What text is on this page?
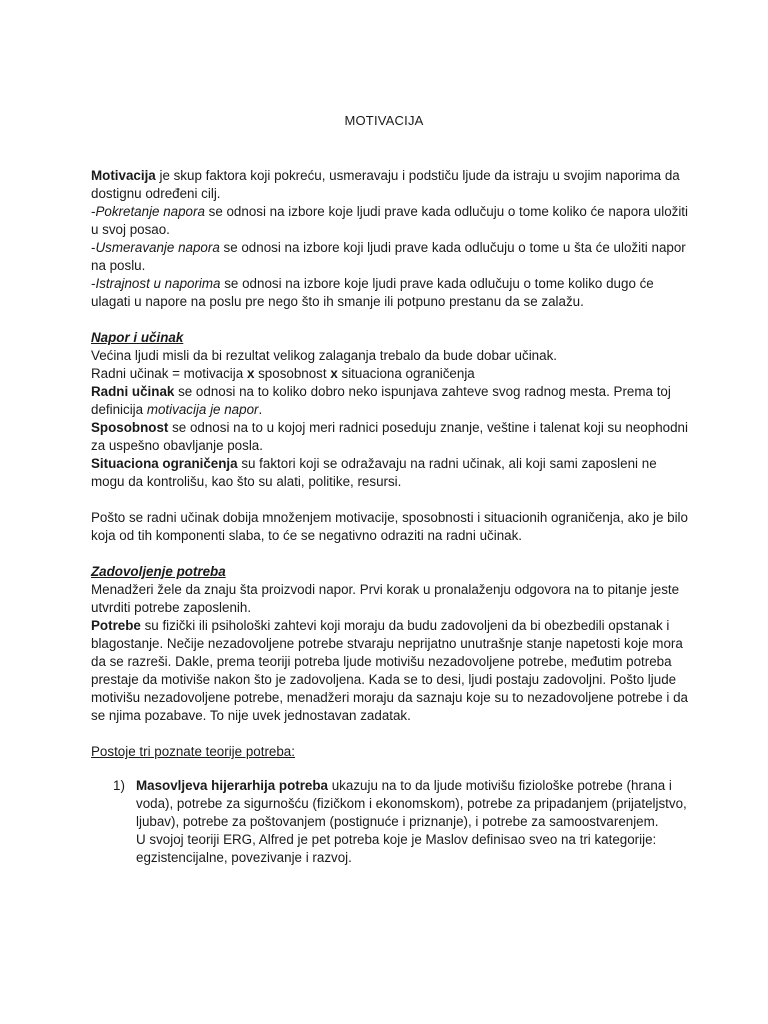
MOTIVACIJA

Motivacija je skup faktora koji pokreću, usmeravaju i podstiču ljude da istraju u svojim naporima da dostignu određeni cilj.

-Pokretanje napora se odnosi na izbore koje ljudi prave kada odlučuju o tome koliko će napora uložiti u svoj posao.

-Usmeravanje napora se odnosi na izbore koji ljudi prave kada odlučuju o tome u šta će uložiti napor na poslu.

-Istrajnost u naporima se odnosi na izbore koje ljudi prave kada odlučuju o tome koliko dugo će ulagati u napore na poslu pre nego što ih smanje ili potpuno prestanu da se zalažu.

Napor i učinak

Većina ljudi misli da bi rezultat velikog zalaganja trebalo da bude dobar učinak.

Radni učinak = motivacija x sposobnost x situaciona ograničenja

Radni učinak se odnosi na to koliko dobro neko ispunjava zahteve svog radnog mesta. Prema toj definicija motivacija je napor.

Sposobnost se odnosi na to u kojoj meri radnici poseduju znanje, veštine i talenat koji su neophodni za uspešno obavljanje posla.

Situaciona ograničenja su faktori koji se odražavaju na radni učinak, ali koji sami zaposleni ne mogu da kontrolišu, kao što su alati, politike, resursi.

Pošto se radni učinak dobija množenjem motivacije, sposobnosti i situacionih ograničenja, ako je bilo koja od tih komponenti slaba, to će se negativno odraziti na radni učinak.

Zadovoljenje potreba

Menadžeri žele da znaju šta proizvodi napor. Prvi korak u pronalaženju odgovora na to pitanje jeste utvrditi potrebe zaposlenih.

Potrebe su fizički ili psihološki zahtevi koji moraju da budu zadovoljeni da bi obezbedili opstanak i blagostanje. Nečije nezadovoljene potrebe stvaraju neprijatno unutrašnje stanje napetosti koje mora da se razreši. Dakle, prema teoriji potreba ljude motivišu nezadovoljene potrebe, međutim potreba prestaje da motiviše nakon što je zadovoljena. Kada se to desi, ljudi postaju zadovoljni. Pošto ljude motivišu nezadovoljene potrebe, menadžeri moraju da saznaju koje su to nezadovoljene potrebe i da se njima pozabave. To nije uvek jednostavan zadatak.

Postoje tri poznate teorije potreba:

1) Masovljeva hijerarhija potreba ukazuju na to da ljude motivišu fiziološke potrebe (hrana i voda), potrebe za sigurnošću (fizičkom i ekonomskom), potrebe za pripadanjem (prijateljstvo, ljubav), potrebe za poštovanjem (postignuće i priznanje), i potrebe za samoostvarenjem.

U svojoj teoriji ERG, Alfred je pet potreba koje je Maslov definisao sveo na tri kategorije: egzistencijalne, povezivanje i razvoj.
